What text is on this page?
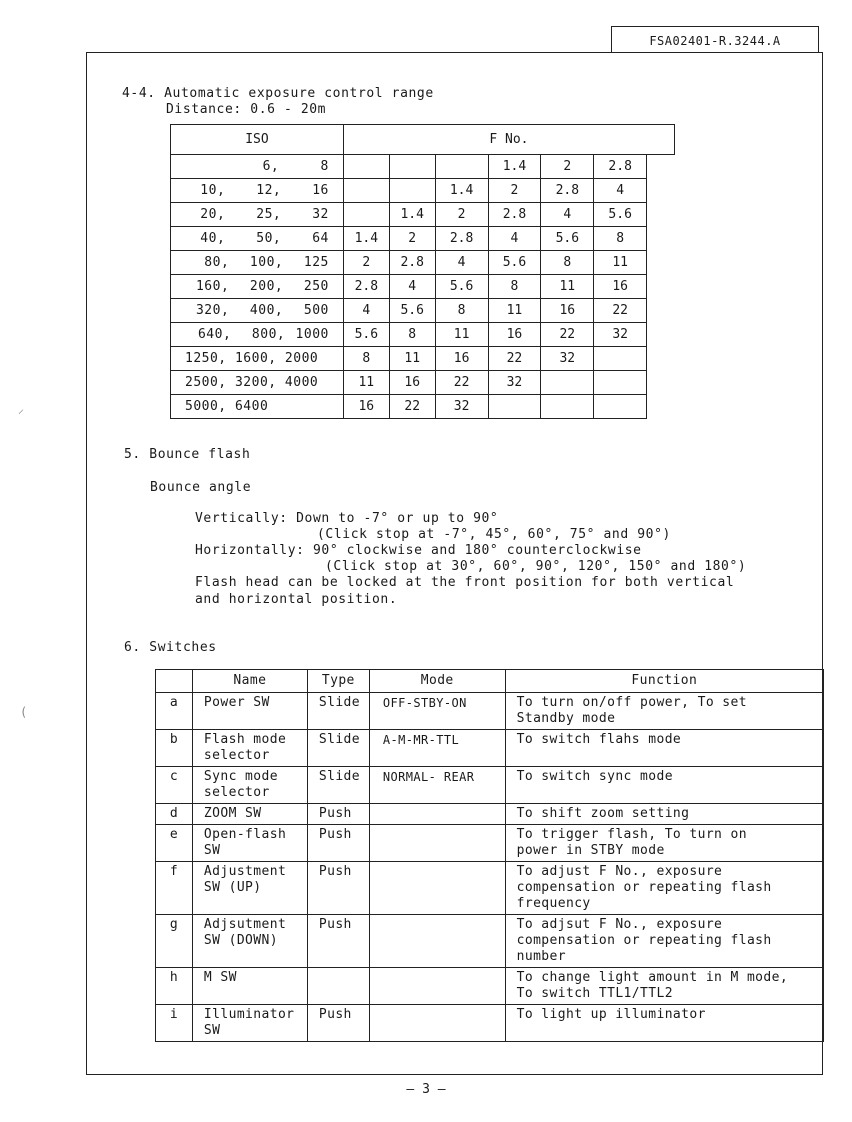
FSA02401-R.3244.A
⸝
(
4-4. Automatic exposure control range
Distance: 0.6 - 20m
ISO	F No.						
6,    8				1.4	2	2.8	
10,   12,   16			1.4	2	2.8	4	
20,   25,   32		1.4	2	2.8	4	5.6	
40,   50,   64	1.4	2	2.8	4	5.6	8	
80,  100,  125	2	2.8	4	5.6	8	11	
160,  200,  250	2.8	4	5.6	8	11	16	
320,  400,  500	4	5.6	8	11	16	22	
640,  800, 1000	5.6	8	11	16	22	32	
1250, 1600, 2000	8	11	16	22	32		
2500, 3200, 4000	11	16	22	32			
5000, 6400	16	22	32				
5. Bounce flash
Bounce angle
Vertically: Down to -7° or up to 90°
(Click stop at -7°, 45°, 60°, 75° and 90°)
Horizontally: 90° clockwise and 180° counterclockwise
(Click stop at 30°, 60°, 90°, 120°, 150° and 180°)
Flash head can be locked at the front position for both vertical
and horizontal position.
6. Switches
	Name	Type	Mode	Function
a	Power SW	Slide	OFF-STBY-ON	To turn on/off power, To set
Standby mode
b	Flash mode
selector	Slide	A-M-MR-TTL	To switch flahs mode
c	Sync mode
selector	Slide	NORMAL- REAR	To switch sync mode
d	ZOOM SW	Push		To shift zoom setting
e	Open-flash
SW	Push		To trigger flash, To turn on
power in STBY mode
f	Adjustment
SW (UP)	Push		To adjust F No., exposure
compensation or repeating flash
frequency
g	Adjsutment
SW (DOWN)	Push		To adjsut F No., exposure
compensation or repeating flash
number
h	M SW			To change light amount in M mode,
To switch TTL1/TTL2
i	Illuminator
SW	Push		To light up illuminator
— 3 —
